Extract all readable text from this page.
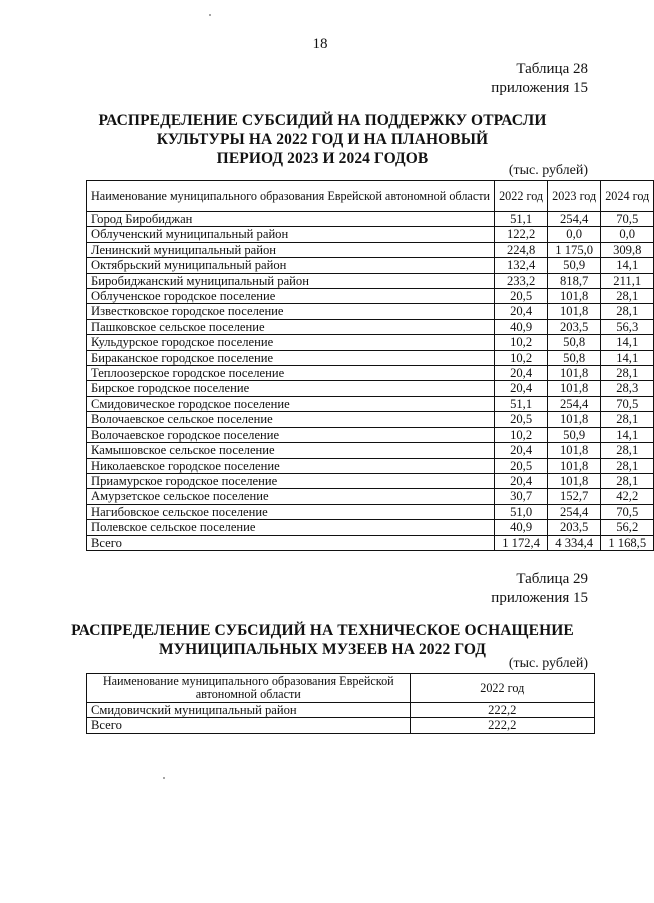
18
Таблица 28
приложения 15
РАСПРЕДЕЛЕНИЕ СУБСИДИЙ НА ПОДДЕРЖКУ ОТРАСЛИ
КУЛЬТУРЫ НА 2022 ГОД И НА ПЛАНОВЫЙ
ПЕРИОД 2023 И 2024 ГОДОВ
(тыс. рублей)
Наименование муниципального образования Еврейской автономной области	2022 год	2023 год	2024 год
Город Биробиджан	51,1	254,4	70,5
Облученский муниципальный район	122,2	0,0	0,0
Ленинский муниципальный район	224,8	1 175,0	309,8
Октябрьский муниципальный район	132,4	50,9	14,1
Биробиджанский муниципальный район	233,2	818,7	211,1
Облученское городское поселение	20,5	101,8	28,1
Известковское городское поселение	20,4	101,8	28,1
Пашковское сельское поселение	40,9	203,5	56,3
Кульдурское городское поселение	10,2	50,8	14,1
Бираканское городское поселение	10,2	50,8	14,1
Теплоозерское городское поселение	20,4	101,8	28,1
Бирское городское поселение	20,4	101,8	28,3
Смидовическое городское поселение	51,1	254,4	70,5
Волочаевское сельское поселение	20,5	101,8	28,1
Волочаевское городское поселение	10,2	50,9	14,1
Камышовское сельское поселение	20,4	101,8	28,1
Николаевское городское поселение	20,5	101,8	28,1
Приамурское городское поселение	20,4	101,8	28,1
Амурзетское сельское поселение	30,7	152,7	42,2
Нагибовское сельское поселение	51,0	254,4	70,5
Полевское сельское поселение	40,9	203,5	56,2
Всего	1 172,4	4 334,4	1 168,5
Таблица 29
приложения 15
РАСПРЕДЕЛЕНИЕ СУБСИДИЙ НА ТЕХНИЧЕСКОЕ ОСНАЩЕНИЕ
МУНИЦИПАЛЬНЫХ МУЗЕЕВ НА 2022 ГОД
(тыс. рублей)
Наименование муниципального образования Еврейской автономной области	2022 год
Смидовичский муниципальный район	222,2
Всего	222,2
